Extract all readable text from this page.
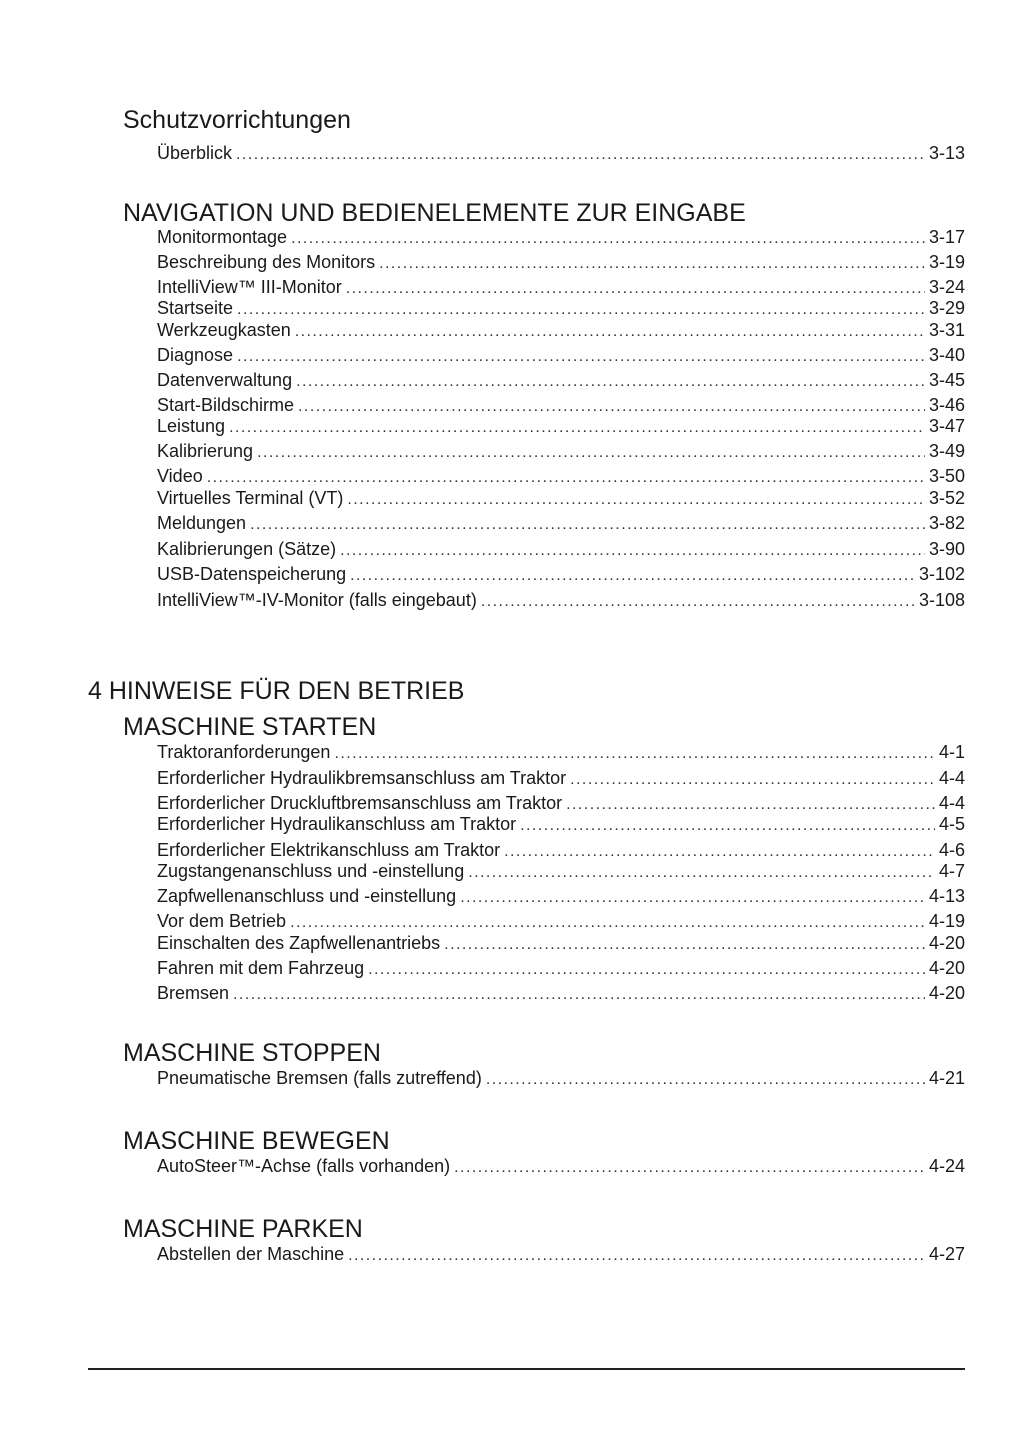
Schutzvorrichtungen
Überblick . . .	3-13
NAVIGATION UND BEDIENELEMENTE ZUR EINGABE
Monitormontage . . .	3-17
Beschreibung des Monitors . . .	3-19
IntelliView™ III-Monitor . . .	3-24
Startseite . . .	3-29
Werkzeugkasten . . .	3-31
Diagnose . . .	3-40
Datenverwaltung . . .	3-45
Start-Bildschirme . . .	3-46
Leistung . . .	3-47
Kalibrierung . . .	3-49
Video . . .	3-50
Virtuelles Terminal (VT) . . .	3-52
Meldungen . . .	3-82
Kalibrierungen (Sätze) . . .	3-90
USB-Datenspeicherung . . .	3-102
IntelliView™-IV-Monitor (falls eingebaut) . . .	3-108
4 HINWEISE FÜR DEN BETRIEB
MASCHINE STARTEN
Traktoranforderungen . . .	4-1
Erforderlicher Hydraulikbremsanschluss am Traktor . . .	4-4
Erforderlicher Druckluftbremsanschluss am Traktor . . .	4-4
Erforderlicher Hydraulikanschluss am Traktor . . .	4-5
Erforderlicher Elektrikanschluss am Traktor . . .	4-6
Zugstangenanschluss und -einstellung . . .	4-7
Zapfwellenanschluss und -einstellung . . .	4-13
Vor dem Betrieb . . .	4-19
Einschalten des Zapfwellenantriebs . . .	4-20
Fahren mit dem Fahrzeug . . .	4-20
Bremsen . . .	4-20
MASCHINE STOPPEN
Pneumatische Bremsen (falls zutreffend) . . .	4-21
MASCHINE BEWEGEN
AutoSteer™-Achse (falls vorhanden) . . .	4-24
MASCHINE PARKEN
Abstellen der Maschine . . .	4-27
